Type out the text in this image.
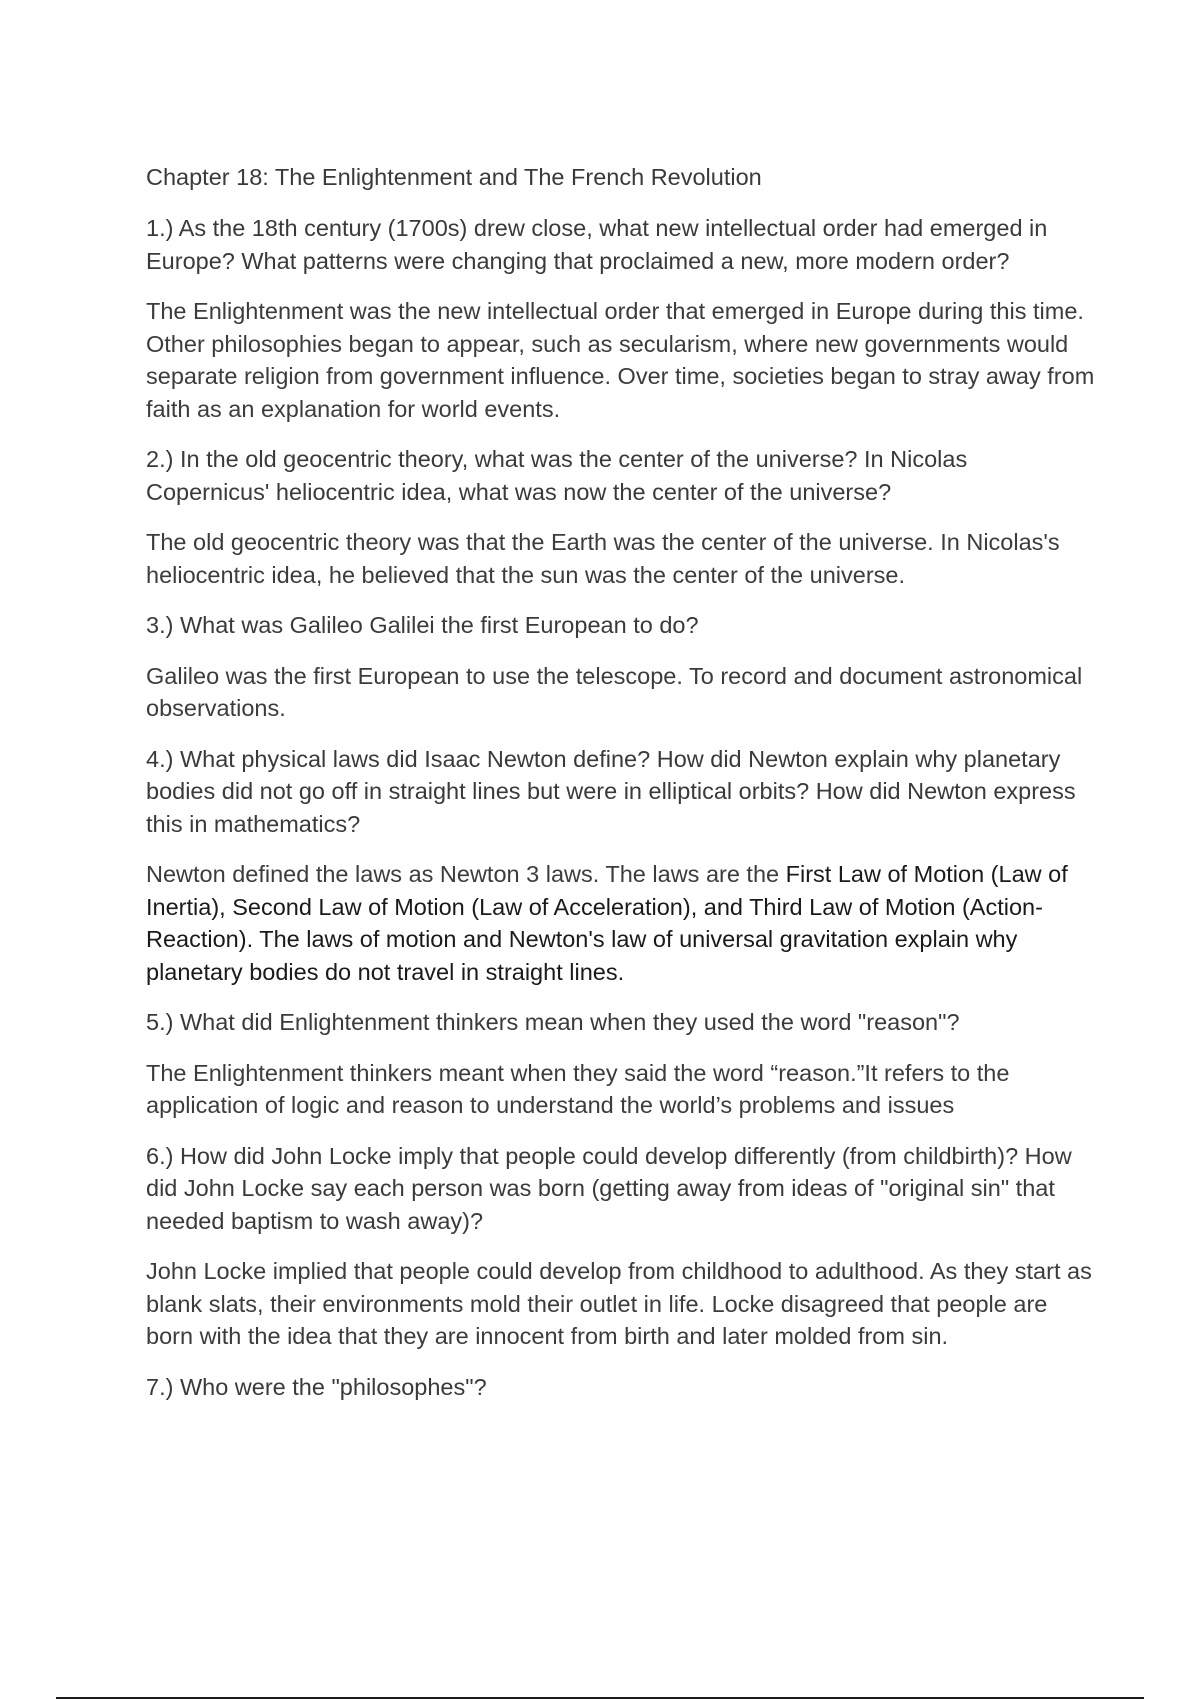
Chapter 18: The Enlightenment and The French Revolution

1.) As the 18th century (1700s) drew close, what new intellectual order had emerged in Europe? What patterns were changing that proclaimed a new, more modern order?

The Enlightenment was the new intellectual order that emerged in Europe during this time. Other philosophies began to appear, such as secularism, where new governments would separate religion from government influence. Over time, societies began to stray away from faith as an explanation for world events.

2.) In the old geocentric theory, what was the center of the universe? In Nicolas Copernicus' heliocentric idea, what was now the center of the universe?

The old geocentric theory was that the Earth was the center of the universe. In Nicolas's heliocentric idea, he believed that the sun was the center of the universe.

3.) What was Galileo Galilei the first European to do?

Galileo was the first European to use the telescope. To record and document astronomical observations.

4.) What physical laws did Isaac Newton define? How did Newton explain why planetary bodies did not go off in straight lines but were in elliptical orbits? How did Newton express this in mathematics?

Newton defined the laws as Newton 3 laws. The laws are the First Law of Motion (Law of Inertia), Second Law of Motion (Law of Acceleration), and Third Law of Motion (Action-Reaction). The laws of motion and Newton's law of universal gravitation explain why planetary bodies do not travel in straight lines.

5.) What did Enlightenment thinkers mean when they used the word "reason"?

The Enlightenment thinkers meant when they said the word “reason.”It refers to the application of logic and reason to understand the world’s problems and issues

6.) How did John Locke imply that people could develop differently (from childbirth)? How did John Locke say each person was born (getting away from ideas of "original sin" that needed baptism to wash away)?

John Locke implied that people could develop from childhood to adulthood. As they start as blank slats, their environments mold their outlet in life. Locke disagreed that people are born with the idea that they are innocent from birth and later molded from sin.

7.) Who were the "philosophes"?
